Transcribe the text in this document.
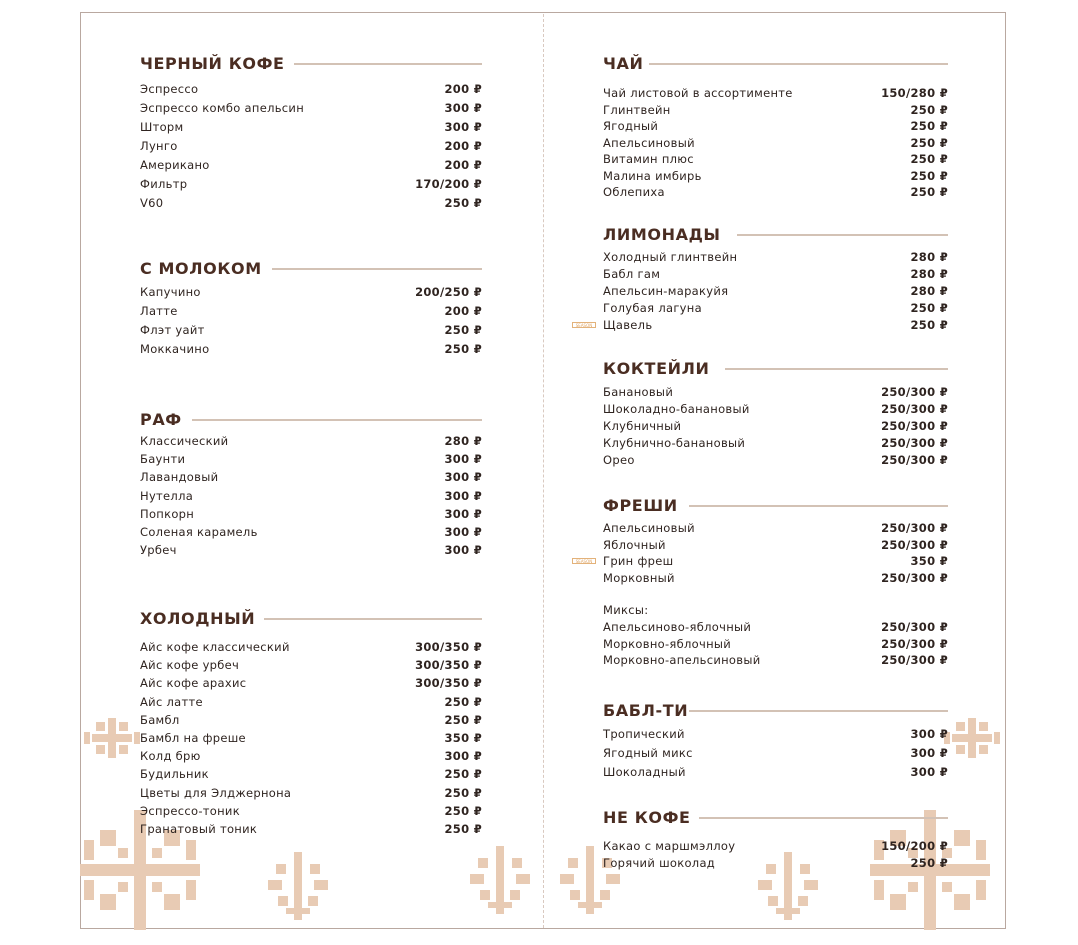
ЧЕРНЫЙ КОФЕ
Эспрессо	200 ₽
Эспрессо комбо апельсин	300 ₽
Шторм	300 ₽
Лунго	200 ₽
Американо	200 ₽
Фильтр	170/200 ₽
V60	250 ₽
С МОЛОКОМ
Капучино	200/250 ₽
Латте	200 ₽
Флэт уайт	250 ₽
Моккачино	250 ₽
РАФ
Классический	280 ₽
Баунти	300 ₽
Лавандовый	300 ₽
Нутелла	300 ₽
Попкорн	300 ₽
Соленая карамель	300 ₽
Урбеч	300 ₽
ХОЛОДНЫЙ
Айс кофе классический	300/350 ₽
Айс кофе урбеч	300/350 ₽
Айс кофе арахис	300/350 ₽
Айс латте	250 ₽
Бамбл	250 ₽
Бамбл на фреше	350 ₽
Колд брю	300 ₽
Будильник	250 ₽
Цветы для Элджернона	250 ₽
Эспрессо-тоник	250 ₽
Гранатовый тоник	250 ₽
ЧАЙ
Чай листовой в ассортименте	150/280 ₽
Глинтвейн	250 ₽
Ягодный	250 ₽
Апельсиновый	250 ₽
Витамин плюс	250 ₽
Малина имбирь	250 ₽
Облепиха	250 ₽
ЛИМОНАДЫ
Холодный глинтвейн	280 ₽
Бабл гам	280 ₽
Апельсин-маракуйя	280 ₽
Голубая лагуна	250 ₽
SEASON Щавель	250 ₽
КОКТЕЙЛИ
Банановый	250/300 ₽
Шоколадно-банановый	250/300 ₽
Клубничный	250/300 ₽
Клубнично-банановый	250/300 ₽
Орео	250/300 ₽
ФРЕШИ
Апельсиновый	250/300 ₽
Яблочный	250/300 ₽
SEASON Грин фреш	350 ₽
Морковный	250/300 ₽
Миксы:
Апельсиново-яблочный	250/300 ₽
Морковно-яблочный	250/300 ₽
Морковно-апельсиновый	250/300 ₽
БАБЛ-ТИ
Тропический	300 ₽
Ягодный микс	300 ₽
Шоколадный	300 ₽
НЕ КОФЕ
Какао с маршмэллоу	150/200 ₽
Горячий шоколад	250 ₽
